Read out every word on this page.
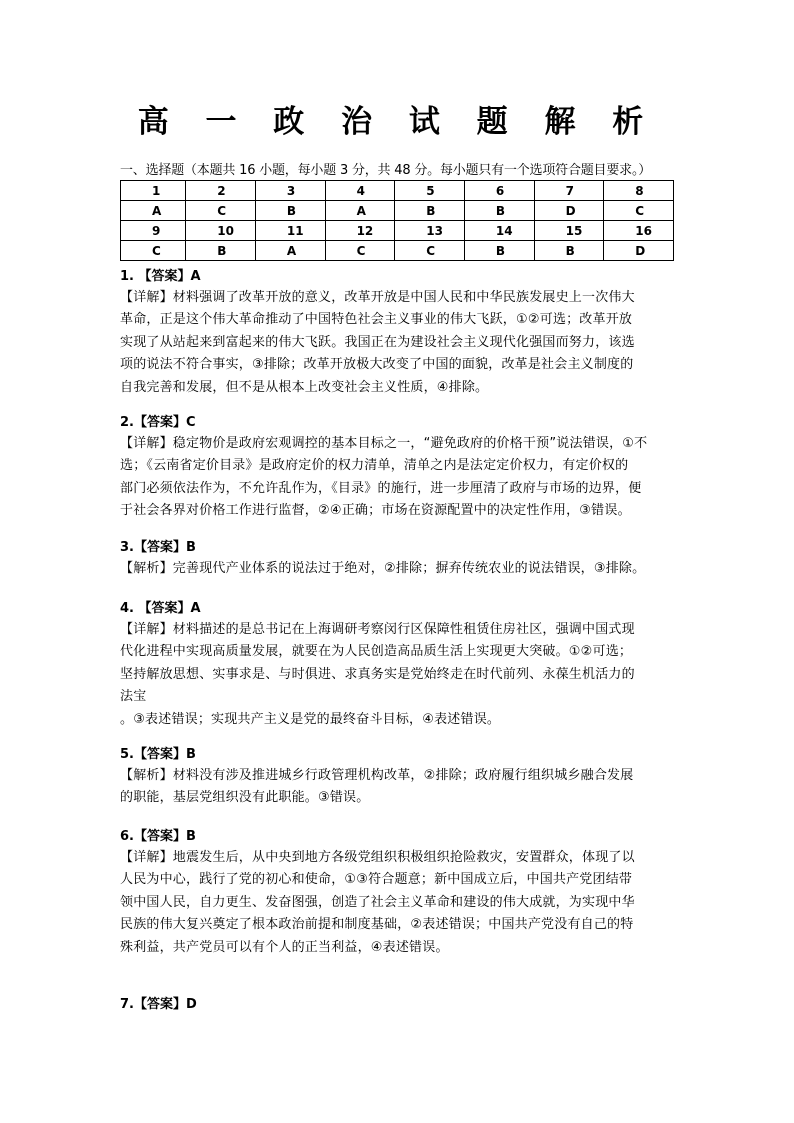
高 一 政 治 试 题 解 析
一、选择题（本题共 16 小题，每小题 3 分，共 48 分。每小题只有一个选项符合题目要求。）
1	2	3	4	5	6	7	8
A	C	B	A	B	B	D	C
9	10	11	12	13	14	15	16
C	B	A	C	C	B	B	D
1. 【答案】A
【详解】材料强调了改革开放的意义，改革开放是中国人民和中华民族发展史上一次伟大
革命，正是这个伟大革命推动了中国特色社会主义事业的伟大飞跃，①②可选；改革开放
实现了从站起来到富起来的伟大飞跃。我国正在为建设社会主义现代化强国而努力，该选
项的说法不符合事实，③排除；改革开放极大改变了中国的面貌，改革是社会主义制度的
自我完善和发展，但不是从根本上改变社会主义性质，④排除。
2.【答案】C
【详解】稳定物价是政府宏观调控的基本目标之一，“避免政府的价格干预”说法错误，①不
选；《云南省定价目录》是政府定价的权力清单，清单之内是法定定价权力，有定价权的
部门必须依法作为，不允许乱作为，《目录》的施行，进一步厘清了政府与市场的边界，便
于社会各界对价格工作进行监督，②④正确；市场在资源配置中的决定性作用，③错误。
3.【答案】B
【解析】完善现代产业体系的说法过于绝对，②排除；摒弃传统农业的说法错误，③排除。
4. 【答案】A
【详解】材料描述的是总书记在上海调研考察闵行区保障性租赁住房社区，强调中国式现
代化进程中实现高质量发展，就要在为人民创造高品质生活上实现更大突破。①②可选；
坚持解放思想、实事求是、与时俱进、求真务实是党始终走在时代前列、永葆生机活力的
法宝
。③表述错误；实现共产主义是党的最终奋斗目标，④表述错误。
5.【答案】B
【解析】材料没有涉及推进城乡行政管理机构改革，②排除；政府履行组织城乡融合发展
的职能，基层党组织没有此职能。③错误。
6.【答案】B
【详解】地震发生后，从中央到地方各级党组织积极组织抢险救灾，安置群众，体现了以
人民为中心，践行了党的初心和使命，①③符合题意；新中国成立后，中国共产党团结带
领中国人民，自力更生、发奋图强，创造了社会主义革命和建设的伟大成就，为实现中华
民族的伟大复兴奠定了根本政治前提和制度基础，②表述错误；中国共产党没有自己的特
殊利益，共产党员可以有个人的正当利益，④表述错误。
7.【答案】D
